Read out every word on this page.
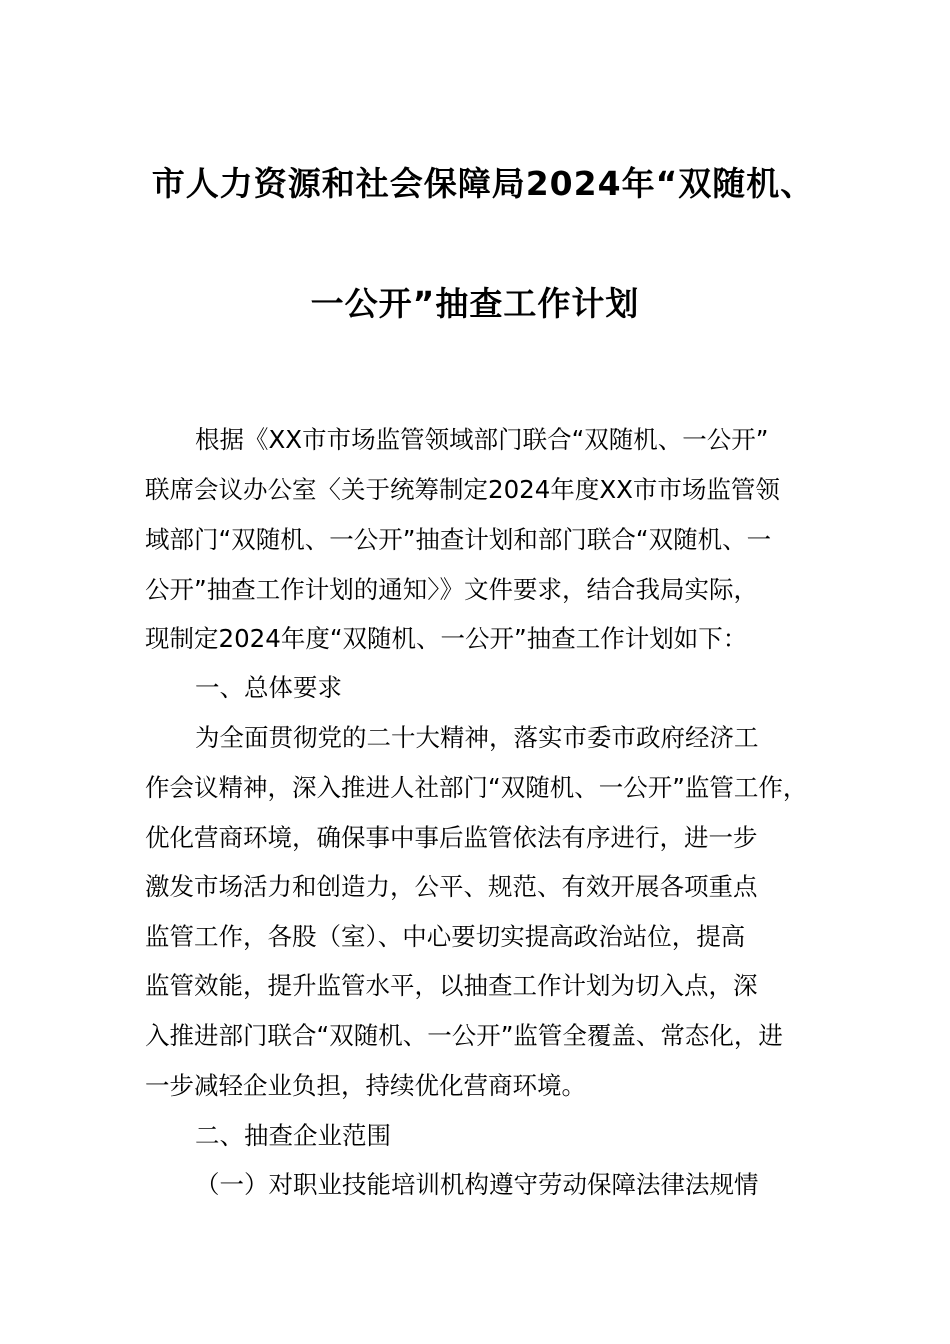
市人力资源和社会保障局2024年“双随机、
一公开”抽查工作计划
根据《XX市市场监管领域部门联合“双随机、一公开”
联席会议办公室〈关于统筹制定2024年度XX市市场监管领
域部门“双随机、一公开”抽查计划和部门联合“双随机、一
公开”抽查工作计划的通知〉》文件要求，结合我局实际，
现制定2024年度“双随机、一公开”抽查工作计划如下：
一、总体要求
为全面贯彻党的二十大精神，落实市委市政府经济工
作会议精神，深入推进人社部门“双随机、一公开”监管工作，
优化营商环境，确保事中事后监管依法有序进行，进一步
激发市场活力和创造力，公平、规范、有效开展各项重点
监管工作，各股（室）、中心要切实提高政治站位，提高
监管效能，提升监管水平，以抽查工作计划为切入点，深
入推进部门联合“双随机、一公开”监管全覆盖、常态化，进
一步减轻企业负担，持续优化营商环境。
二、抽查企业范围
（一）对职业技能培训机构遵守劳动保障法律法规情
